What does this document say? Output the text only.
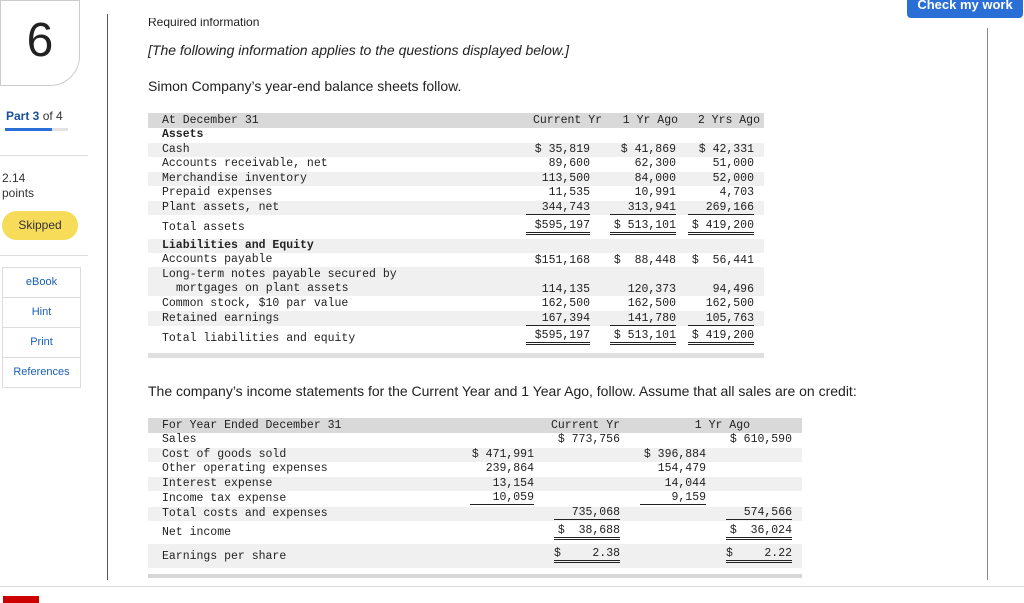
Check my work
6
Part 3 of 4
2.14
points
Skipped
eBook
Hint
Print
References
Required information
[The following information applies to the questions displayed below.]
Simon Company’s year-end balance sheets follow.
At December 31	Current Yr	1 Yr Ago	2 Yrs Ago
Assets
Cash	$ 35,819	$ 41,869	$ 42,331
Accounts receivable, net	89,600	62,300	51,000
Merchandise inventory	113,500	84,000	52,000
Prepaid expenses	11,535	10,991	4,703
Plant assets, net	344,743	313,941	269,166
Total assets	$595,197	$ 513,101	$ 419,200
Liabilities and Equity
Accounts payable	$151,168	$  88,448	$  56,441
Long-term notes payable secured by
mortgages on plant assets	114,135	120,373	94,496
Common stock, $10 par value	162,500	162,500	162,500
Retained earnings	167,394	141,780	105,763
Total liabilities and equity	$595,197	$ 513,101	$ 419,200
The company’s income statements for the Current Year and 1 Year Ago, follow. Assume that all sales are on credit:
For Year Ended December 31	Current Yr	1 Yr Ago
Sales	$ 773,756	$ 610,590
Cost of goods sold	$ 471,991	$ 396,884
Other operating expenses	239,864	154,479
Interest expense	13,154	14,044
Income tax expense	10,059	9,159
Total costs and expenses	735,068	574,566
Net income	$  38,688	$  36,024
Earnings per share	$	2.38	$	2.22
